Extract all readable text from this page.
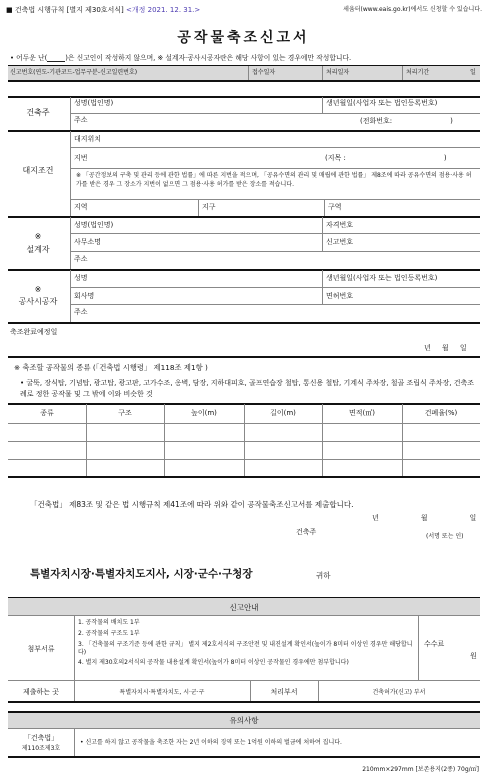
■ 건축법 시행규칙 [별지 제30호서식] <개정 2021. 12. 31.>	세움터(www.eais.go.kr)에서도 신청할 수 있습니다.
공작물축조신고서
• 어두운 난(	)은 신고인이 작성하지 않으며, ※ 설계자·공사시공자란은 해당 사항이 있는 경우에만 작성합니다.
신고번호(연도-기관코드-업무구분-신고일련번호)	접수일자	처리일자	처리기간	일
건축주
성명(법인명)	생년월일(사업자 또는 법인등록번호)
주소	(전화번호:	)
대지조건
대지위치
지번	(지목 :	)
※ 「공간정보의 구축 및 관리 등에 관한 법률」에 따른 지번을 적으며, 「공유수면의 관리 및 매립에 관한 법률」 제8조에 따라 공유수면의 점용·사용 허가를 받은 경우 그 장소가 지번이 없으면 그 점용·사용 허가를 받은 장소를 적습니다.
지역	지구	구역
※
설계자
성명(법인명)	자격번호
사무소명	신고번호
주소
※
공사시공자
성명	생년월일(사업자 또는 법인등록번호)
회사명	면허번호
주소
축조완료예정일
년 월 일
※ 축조할 공작물의 종류 (「건축법 시행령」 제118조 제1항 )
• 굴뚝, 장식탑, 기념탑, 광고탑, 광고판, 고가수조, 옹벽, 담장, 지하대피호, 골프연습장 철탑, 통신용 철탑, 기계식 주차장, 철골 조립식 주차장, 건축조례로 정한 공작물 및 그 밖에 이와 비슷한 것
종류	구조	높이(m)	길이(m)	면적(㎡)	건폐율(%)
「건축법」 제83조 및 같은 법 시행규칙 제41조에 따라 위와 같이 공작물축조신고서를 제출합니다.
년	월	일
건축주
(서명 또는 인)
특별자치시장·특별자치도지사, 시장·군수·구청장	귀하
신고안내
첨부서류
1. 공작물의 배치도 1부
2. 공작물의 구조도 1부
3. 「건축물의 구조기준 등에 관한 규칙」 별지 제2호서식의 구조안전 및 내진설계 확인서(높이가 8미터 이상인 경우만 해당합니다)
4. 별지 제30호의2서식의 공작물 내용설계 확인서(높이가 8미터 이상인 공작물인 경우에만 첨부합니다)
수수료
원
제출하는 곳	특별자치시·특별자치도, 시·군·구	처리부서	건축허가(신고) 부서
유의사항
「건축법」
제110조제3호
• 신고를 하지 않고 공작물을 축조한 자는 2년 이하의 징역 또는 1억원 이하의 벌금에 처하여 집니다.
210mm×297mm [보존용지(2종) 70g/㎡]
